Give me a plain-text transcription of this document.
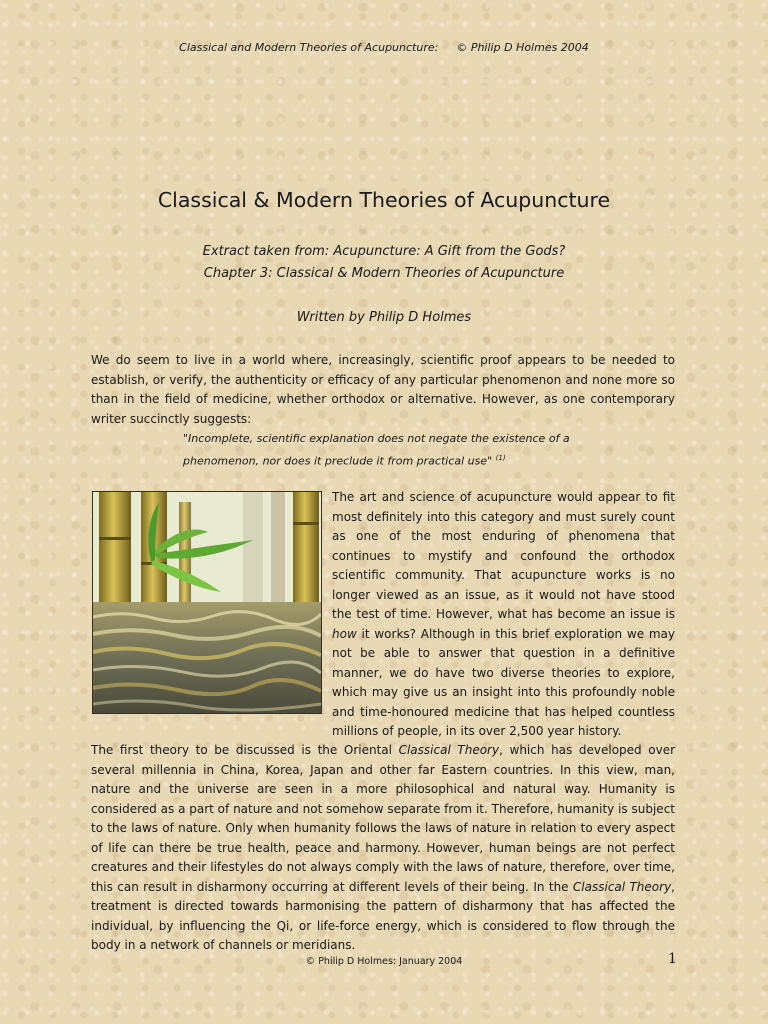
Classical and Modern Theories of Acupuncture: © Philip D Holmes 2004
Classical & Modern Theories of Acupuncture
Extract taken from: Acupuncture: A Gift from the Gods?
Chapter 3: Classical & Modern Theories of Acupuncture
Written by Philip D Holmes

We do seem to live in a world where, increasingly, scientific proof appears to be needed to establish, or verify, the authenticity or efficacy of any particular phenomenon and none more so than in the field of medicine, whether orthodox or alternative. However, as one contemporary writer succinctly suggests:

"Incomplete, scientific explanation does not negate the existence of a
phenomenon, nor does it preclude it from practical use" $^{(1)}$

The art and science of acupuncture would appear to fit most definitely into this category and must surely count as one of the most enduring of phenomena that continues to mystify and confound the orthodox scientific community. That acupuncture works is no longer viewed as an issue, as it would not have stood the test of time. However, what has become an issue is how it works? Although in this brief exploration we may not be able to answer that question in a definitive manner, we do have two diverse theories to explore, which may give us an insight into this profoundly noble and time-honoured medicine that has helped countless millions of people, in its over 2,500 year history.

The first theory to be discussed is the Oriental Classical Theory, which has developed over several millennia in China, Korea, Japan and other far Eastern countries. In this view, man, nature and the universe are seen in a more philosophical and natural way. Humanity is considered as a part of nature and not somehow separate from it. Therefore, humanity is subject to the laws of nature. Only when humanity follows the laws of nature in relation to every aspect of life can there be true health, peace and harmony. However, human beings are not perfect creatures and their lifestyles do not always comply with the laws of nature, therefore, over time, this can result in disharmony occurring at different levels of their being. In the Classical Theory, treatment is directed towards harmonising the pattern of disharmony that has affected the individual, by influencing the Qi, or life-force energy, which is considered to flow through the body in a network of channels or meridians.

© Philip D Holmes: January 2004	1
